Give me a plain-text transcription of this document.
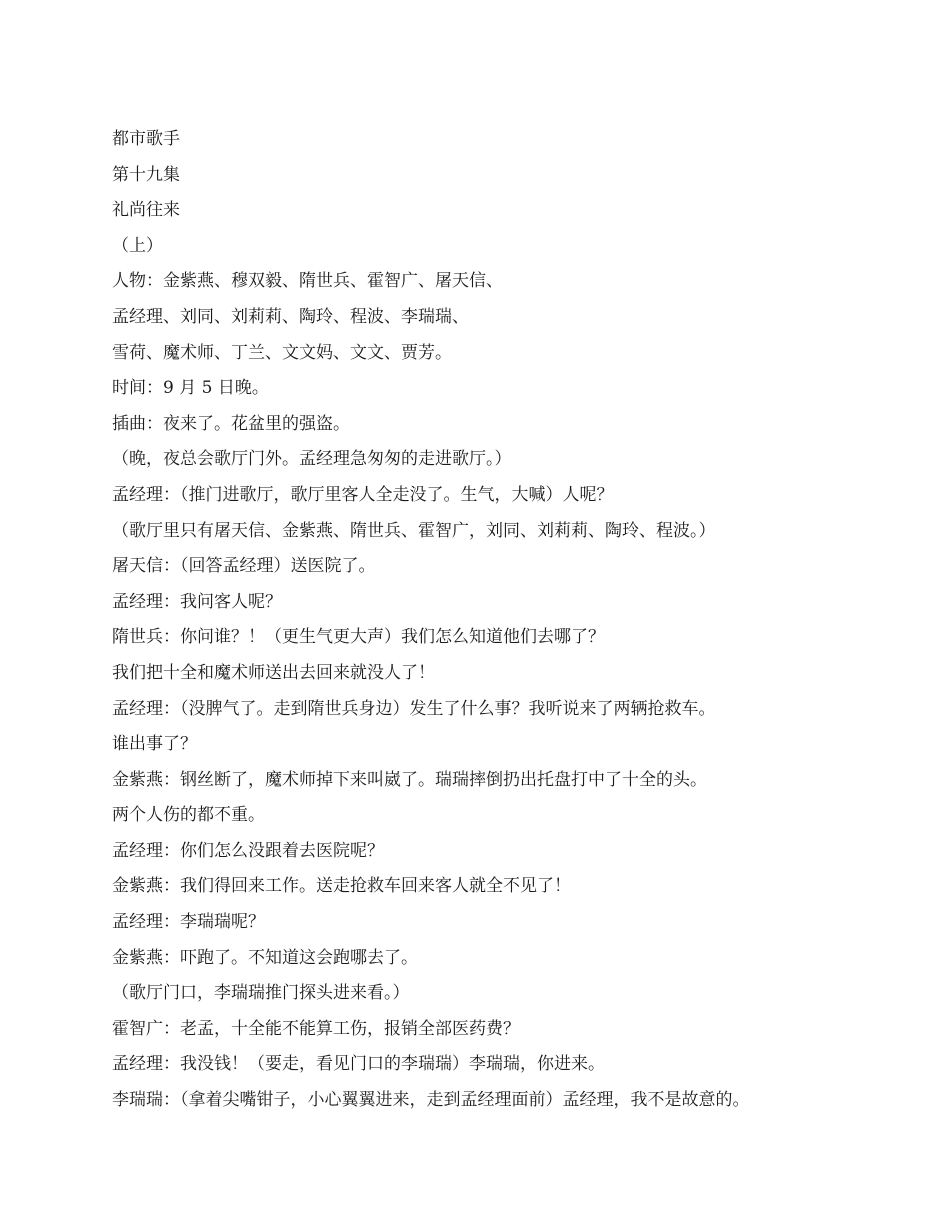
都市歌手
第十九集
礼尚往来
（上）
人物：金紫燕、穆双毅、隋世兵、霍智广、屠天信、
孟经理、刘同、刘莉莉、陶玲、程波、李瑞瑞、
雪荷、魔术师、丁兰、文文妈、文文、贾芳。
时间：9 月 5 日晚。
插曲：夜来了。花盆里的强盗。
（晚，夜总会歌厅门外。孟经理急匆匆的走进歌厅。）
孟经理：（推门进歌厅，歌厅里客人全走没了。生气，大喊）人呢？
（歌厅里只有屠天信、金紫燕、隋世兵、霍智广，刘同、刘莉莉、陶玲、程波。）
屠天信：（回答孟经理）送医院了。
孟经理：我问客人呢？
隋世兵：你问谁？！（更生气更大声）我们怎么知道他们去哪了？
我们把十全和魔术师送出去回来就没人了！
孟经理：（没脾气了。走到隋世兵身边）发生了什么事？我听说来了两辆抢救车。
谁出事了？
金紫燕：钢丝断了，魔术师掉下来叫崴了。瑞瑞摔倒扔出托盘打中了十全的头。
两个人伤的都不重。
孟经理：你们怎么没跟着去医院呢？
金紫燕：我们得回来工作。送走抢救车回来客人就全不见了！
孟经理：李瑞瑞呢？
金紫燕：吓跑了。不知道这会跑哪去了。
（歌厅门口，李瑞瑞推门探头进来看。）
霍智广：老孟，十全能不能算工伤，报销全部医药费？
孟经理：我没钱！（要走，看见门口的李瑞瑞）李瑞瑞，你进来。
李瑞瑞：（拿着尖嘴钳子，小心翼翼进来，走到孟经理面前）孟经理，我不是故意的。
